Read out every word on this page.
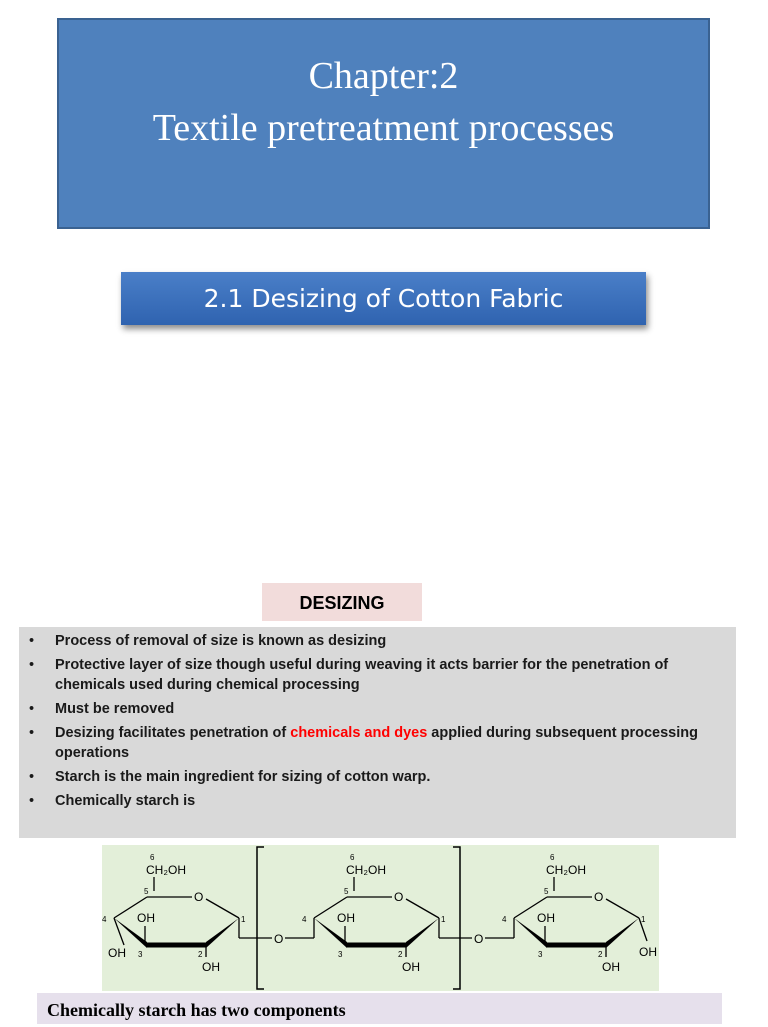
Chapter:2
Textile pretreatment processes
2.1 Desizing of Cotton Fabric
DESIZING
• Process of removal of size is known as desizing
• Protective layer of size though useful during weaving it acts barrier for the penetration of chemicals used during chemical processing
• Must be removed
• Desizing facilitates penetration of chemicals and dyes applied during subsequent processing operations
• Starch is the main ingredient for sizing of cotton warp.
• Chemically starch is
6
CH₂OH
5	O
4	1
OH
3	2
OH
OH
6
CH₂OH
5	O
4	1
OH
3	2
OH
6
CH₂OH
5	O
4	1
OH
3	2
OH
O	O
OH
Chemically starch has two components
